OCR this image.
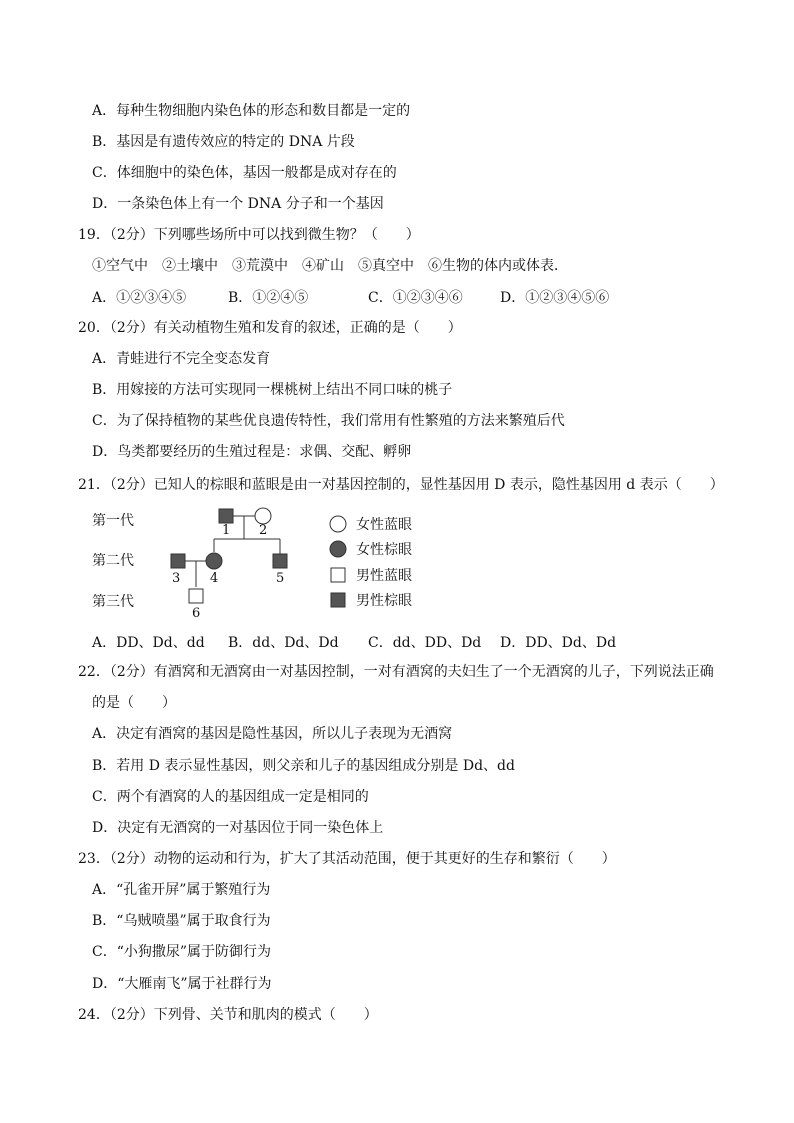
A．每种生物细胞内染色体的形态和数目都是一定的
B．基因是有遗传效应的特定的 DNA 片段
C．体细胞中的染色体，基因一般都是成对存在的
D．一条染色体上有一个 DNA 分子和一个基因
19．（2分）下列哪些场所中可以找到微生物？（　　）
①空气中　②土壤中　③荒漠中　④矿山　⑤真空中　⑥生物的体内或体表．
A．①②③④⑤	B．①②④⑤	C．①②③④⑥	D．①②③④⑤⑥
20．（2分）有关动植物生殖和发育的叙述，正确的是（　　）
A．青蛙进行不完全变态发育
B．用嫁接的方法可实现同一棵桃树上结出不同口味的桃子
C．为了保持植物的某些优良遗传特性，我们常用有性繁殖的方法来繁殖后代
D．鸟类都要经历的生殖过程是：求偶、交配、孵卵
21．（2分）已知人的棕眼和蓝眼是由一对基因控制的，显性基因用 D 表示，隐性基因用 d 表示（　　）
第一代
第二代
第三代
1 2
3 4	5
6
女性蓝眼
女性棕眼
男性蓝眼
男性棕眼
A．DD、Dd、dd B．dd、Dd、Dd C．dd、DD、Dd D．DD、Dd、Dd
22．（2分）有酒窝和无酒窝由一对基因控制，一对有酒窝的夫妇生了一个无酒窝的儿子，下列说法正确
的是（　　）
A．决定有酒窝的基因是隐性基因，所以儿子表现为无酒窝
B．若用 D 表示显性基因，则父亲和儿子的基因组成分别是 Dd、dd
C．两个有酒窝的人的基因组成一定是相同的
D．决定有无酒窝的一对基因位于同一染色体上
23．（2分）动物的运动和行为，扩大了其活动范围，便于其更好的生存和繁衍（　　）
A．“孔雀开屏”属于繁殖行为
B．“乌贼喷墨”属于取食行为
C．“小狗撒尿”属于防御行为
D．“大雁南飞”属于社群行为
24．（2分）下列骨、关节和肌肉的模式（　　）
